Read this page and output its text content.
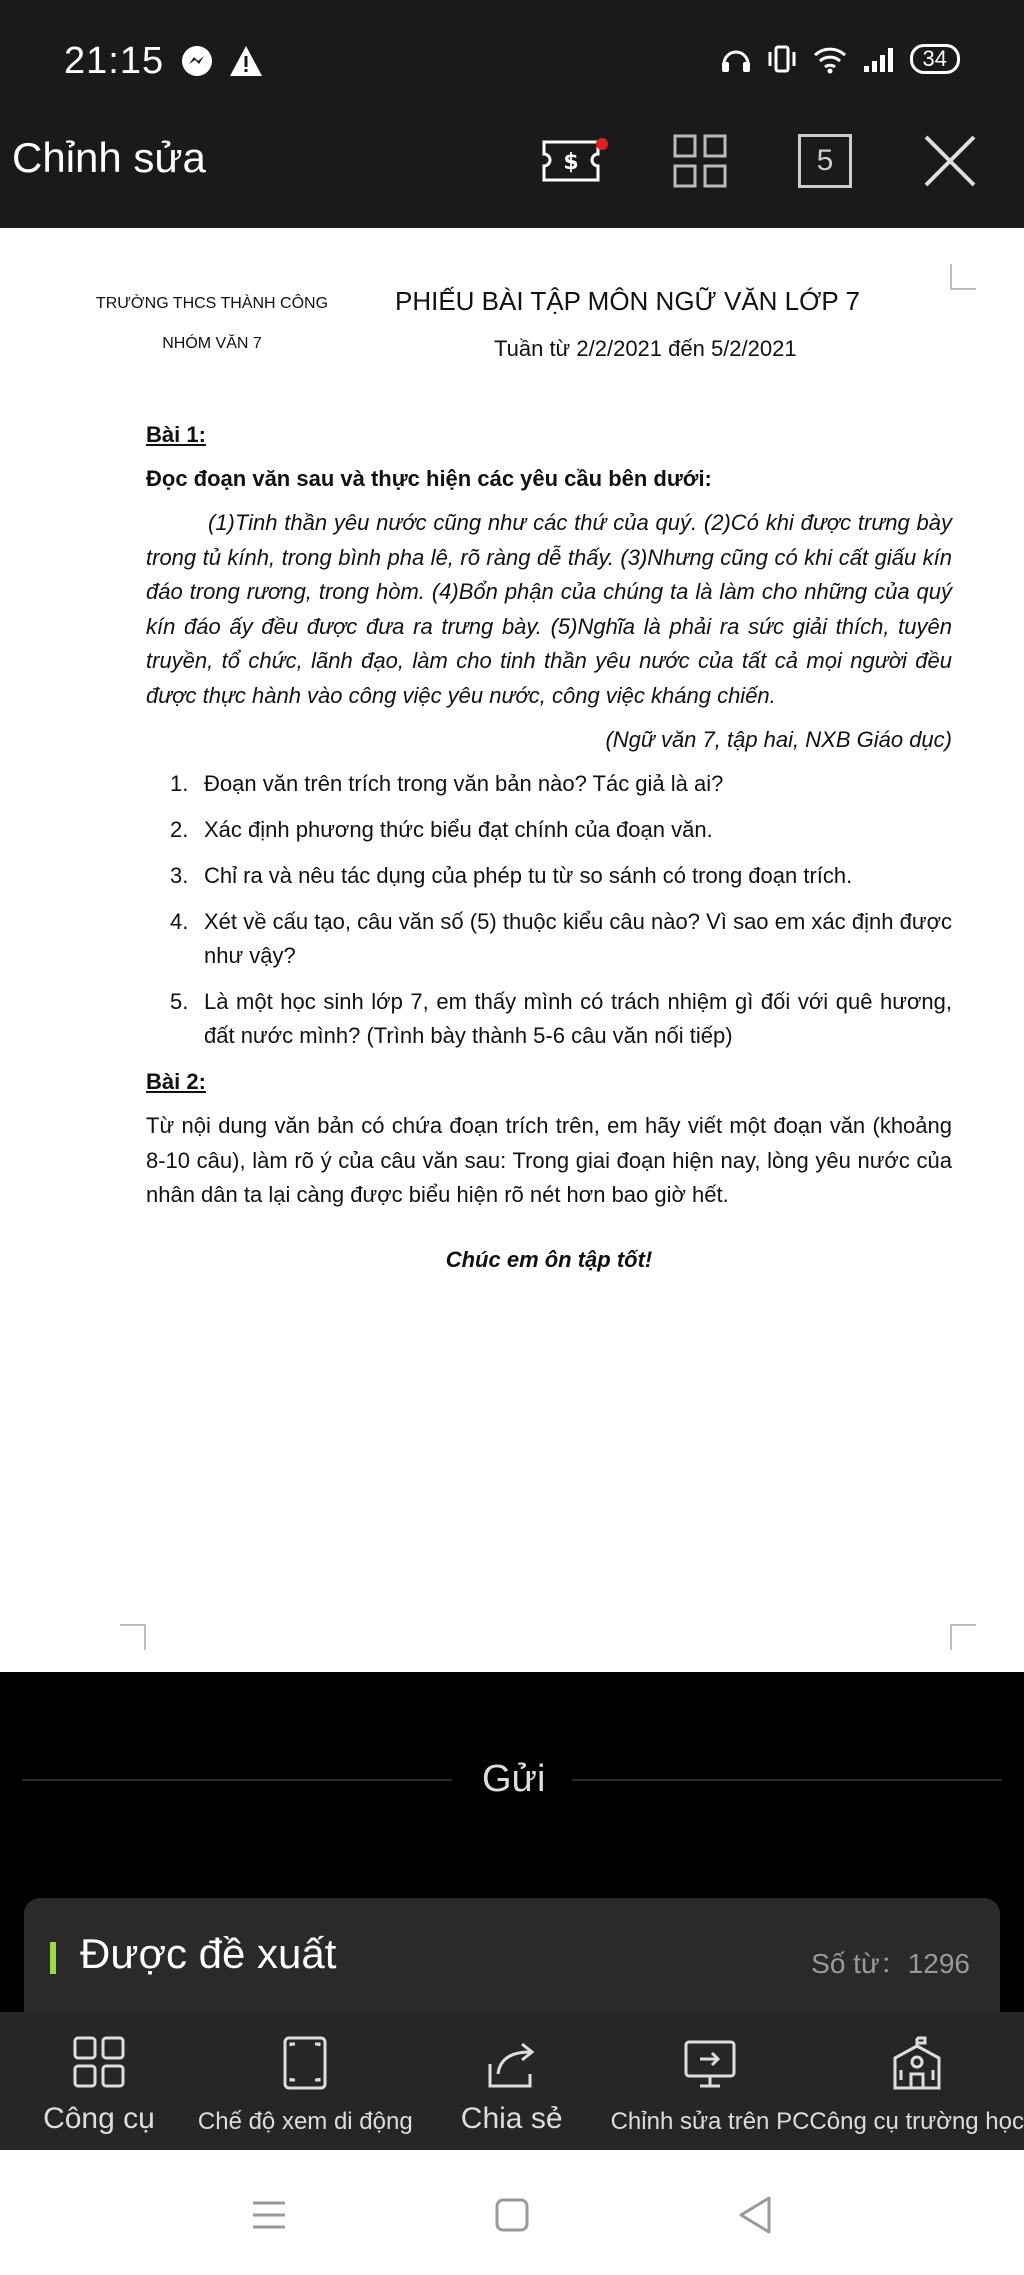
21:15	34
Chỉnh sửa	$	5
TRƯỜNG THCS THÀNH CÔNG
NHÓM VĂN 7
PHIẾU BÀI TẬP MÔN NGỮ VĂN LỚP 7
Tuần từ 2/2/2021 đến 5/2/2021
Bài 1:
Đọc đoạn văn sau và thực hiện các yêu cầu bên dưới:
(1)Tinh thần yêu nước cũng như các thứ của quý. (2)Có khi được trưng bày trong tủ kính, trong bình pha lê, rõ ràng dễ thấy. (3)Nhưng cũng có khi cất giấu kín đáo trong rương, trong hòm. (4)Bổn phận của chúng ta là làm cho những của quý kín đáo ấy đều được đưa ra trưng bày. (5)Nghĩa là phải ra sức giải thích, tuyên truyền, tổ chức, lãnh đạo, làm cho tinh thần yêu nước của tất cả mọi người đều được thực hành vào công việc yêu nước, công việc kháng chiến.
(Ngữ văn 7, tập hai, NXB Giáo dục)
1. Đoạn văn trên trích trong văn bản nào? Tác giả là ai?
2. Xác định phương thức biểu đạt chính của đoạn văn.
3. Chỉ ra và nêu tác dụng của phép tu từ so sánh có trong đoạn trích.
4. Xét về cấu tạo, câu văn số (5) thuộc kiểu câu nào? Vì sao em xác định được như vậy?
5. Là một học sinh lớp 7, em thấy mình có trách nhiệm gì đối với quê hương, đất nước mình? (Trình bày thành 5-6 câu văn nối tiếp)
Bài 2:
Từ nội dung văn bản có chứa đoạn trích trên, em hãy viết một đoạn văn (khoảng 8-10 câu), làm rõ ý của câu văn sau: Trong giai đoạn hiện nay, lòng yêu nước của nhân dân ta lại càng được biểu hiện rõ nét hơn bao giờ hết.
Chúc em ôn tập tốt!
Gửi
Được đề xuất	Số từ：1296
Công cụ Chế độ xem di động Chia sẻ Chỉnh sửa trên PC Công cụ trường học
